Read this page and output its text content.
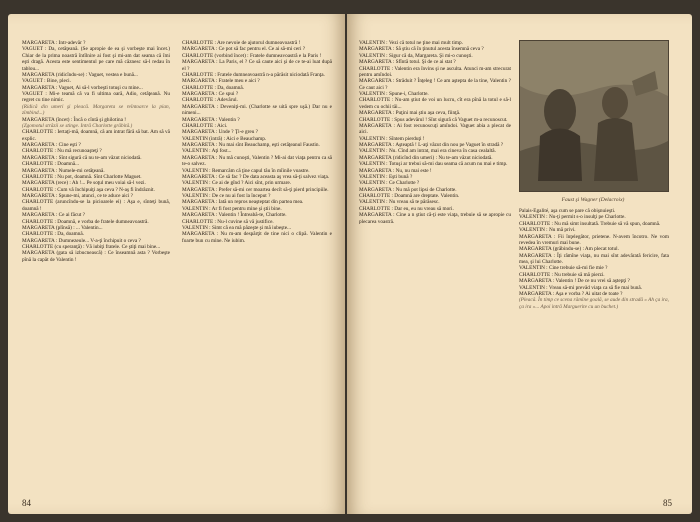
MARGARETA : Intr-adevăr ?

VAGUET : Da, cetăţeană. (Se apropie de ea şi vorbeşte mai încet.) Chiar de la prima noastră întîlnire ai fost şi mi-am dat seama că îmi eşti dragă. Acesta este sentimentul pe care mă căznesc să-l redau în tablou...

MARGARETA (ridicîndu-se) : Vaguet, vestea e bună...

VAGUET : Bine, pleci.

MARGARETA : Vaguet, Ai să-l vorbeşti totuşi cu mine...

VAGUET : Mi-e teamă că va fi ultima oară, Adio, cetăţeană. Nu regret cu tine nimic.

(Ridică din umeri şi pleacă. Margareta se reîntoarce la pian, zîmbind...)

MARGARETA (încet) : Încă o cîntă şi ghilotina !

(Zgomotul străzii se stinge. Intră Charlotte grăbită.)

CHARLOTTE : Iertaţi-mă, doamnă, că am intrat fără să bat. Am să vă explic.

MARGARETA : Cine eşti ?

CHARLOTTE : Nu mă recunoaşteţi ?

MARGARETA : Sînt sigură că nu te-am văzut niciodată.

CHARLOTTE : Doamnă...

MARGARETA : Numele-mi cetăţeană.

CHARLOTTE : Nu pot, doamnă. Sînt Charlotte Maguet.

MARGARETA (rece) : Ah !... Pe soţul meu voiai să-l vezi.

CHARLOTTE : Cum vă închipuiţi aşa ceva ? N-aş fi îndrăznit.

MARGARETA : Spune-mi, atunci, ce te aduce aici ?

CHARLOTTE (aruncîndu-se la picioarele ei) : Aşa e, sînteţi bună, doamnă !

MARGARETA : Ce ai făcut ?

CHARLOTTE : Doamnă, e vorba de fratele dumneavoastră.

MARGARETA (plînsă) : ... Valentin...

CHARLOTTE : Da, doamnă.

MARGARETA : Dumnezeule... V-a-ţi închipuit o ceva ?

CHARLOTTE (cu speranţă) : Vă iubiţi fratele. Ce ştiţi mai bine...

MARGARETA (gata să izbucnească) : Ce înseamnă asta ? Vorbeşte pînă la capăt de Valentin !

CHARLOTTE : Are nevoie de ajutorul dumneavoastră !

MARGARETA : Ce pot să fac pentru el. Ce ai să-mi ceri ?

CHARLOTTE (vorbind încet) : Fratele dumneavoastră e la Paris !

MARGARETA : La Paris, el ? Ce să caute aici şi de ce te-ai luat după el ?

CHARLOTTE : Fratele dumneavoastră n-a părăsit niciodată Franţa.

MARGARETA : Fratele meu e aici ?

CHARLOTTE : Da, doamnă.

MARGARETA : Ce spui ?

CHARLOTTE : Adevărul.

MARGARETA : Deveniţi-mi. (Charlotte se uită spre uşă.) Dar nu e nimeni...

MARGARETA : Valentin ?

CHARLOTTE : Aici.

MARGARETA : Unde ? Ţi-e greu ?

VALENTIN (intră) : Aici e Beauchamp.

MARGARETA : Nu mai sînt Beauchamp, eşti cetăţeanul Faustin.

VALENTIN : Aţi fost...

MARGARETA : Nu mă cunoşti, Valentin ? Mi-ai dat viaţa pentru ca să te-o salvez.

VALENTIN : Remarcăm că ţine capul tău în mîinile voastre.

MARGARETA : Ce să fac ? De data aceasta aş vrea să-ţi salvez viaţa.

VALENTIN : Ce ai de gînd ? Aici sînt, prin urmare.

MARGARETA : Prefer să-mi cer moartea decît să-ţi pierd principiile.

VALENTIN : De ce nu ai fost la început ?

MARGARETA : Iată un repros neaşteptat din partea mea.

VALENTIN : Ar fi fost pentru mine şi ştii bine.

MARGARETA : Valentin ! Întreabă-te, Charlotte.

CHARLOTTE : Nu-l cuvine să vă justifice.

VALENTIN : Simt că ea mă păzeşte şi mă iubeşte...

MARGARETA : Nu m-am despărţit de tine nici o clipă. Valentin e foarte bun cu mine. Ne iubim.

84

VALENTIN : Vezi că totul ne ţine mai mult timp.

MARGARETA : Să ştiu că în ţinutul acesta însemnă ceva ?

VALENTIN : Sigur că da, Margareta. Şi mi-o cunoşti.

MARGARETA : Sfîntă totul. Şi de ce ai stat ?

CHARLOTTE : Valentin era învins şi ne asculta. Atunci m-am strecurat pentru amîndoi.

MARGARETA : Străduit ? Înţeleg ! Ce am aştepta de la tine, Valentin ? Ce caut aici ?

VALENTIN : Spune-i, Charlotte.

CHARLOTTE : Nu-am ştiut de voi un lucru, cît era pînă la totul e să-l vedem cu ochii tăi...

MARGARETA : Puţini mai ştiu aşa ceva, fiinţă.

CHARLOTTE : Spus adevărul ! Sînt sigură că Vaguet m-a recunoscut.

MARGARETA : Ai fost recunoscuţi amîndoi. Vaguet abia a plecat de aici.

VALENTIN : Sîntem pierduţi !

MARGARETA : Aşteaptă ! L-aţi văzut din nou pe Vaguet în stradă ?

VALENTIN : Nu. Cînd am intrat, mai era cineva în casa cealaltă.

MARGARETA (ridicînd din umeri) : Nu te-am văzut niciodată.

VALENTIN : Totuşi ar trebui să-mi dau seama că acum nu mai e timp.

MARGARETA : Nu, nu mai este !

VALENTIN : Eşti bună ?

VALENTIN : Ce Charlotte ?

MARGARETA : Nu mă pot lipsi de Charlotte.

CHARLOTTE : Doamnă are dreptate. Valentin.

VALENTIN : Nu vreau să te părăsesc.

CHARLOTTE : Dar eu, eu nu vreau să mori.

MARGARETA : Cine a n ştiut că-ţi este viaţa, trebuie să se apropie cu plecarea voastră.

Faust şi Wagner (Delacroix)

Palais-Egalité, aşa cum se pare că obişnuieşti.

VALENTIN : Nu-ţi permit s-o insulţi pe Charlotte.

CHARLOTTE : Nu mă simt insultată. Trebuie să vă spun, doamnă.

VALENTIN : Nu mă privi.

MARGARETA : Fii înţelegător, prietene. N-avem încotro. Ne vom revedea în vremuri mai bune.

MARGARETA (grăbindu-se) : Am plecat totul.

MARGARETA : Îţi rămîne viaţa, nu mai sînt adevărată fericire, fata mea, şi lui Charlotte.

VALENTIN : Cine trebuie să-mi fie mie ?

CHARLOTTE : Nu trebuie să mă pierzi.

MARGARETA : Valentin ! De ce nu vrei să aştepţi ?

VALENTIN : Vreau să-mi prevăd viaţa ca să fie mai bună.

MARGARETA : Aşa e vorba ? Ai uitat de toate ?

(Pleacă. În timp ce scena rămîne goală, se aude din stradă « Ah ça ira, ça ira »... Apoi intră Marguerite cu un buchet.)

85
